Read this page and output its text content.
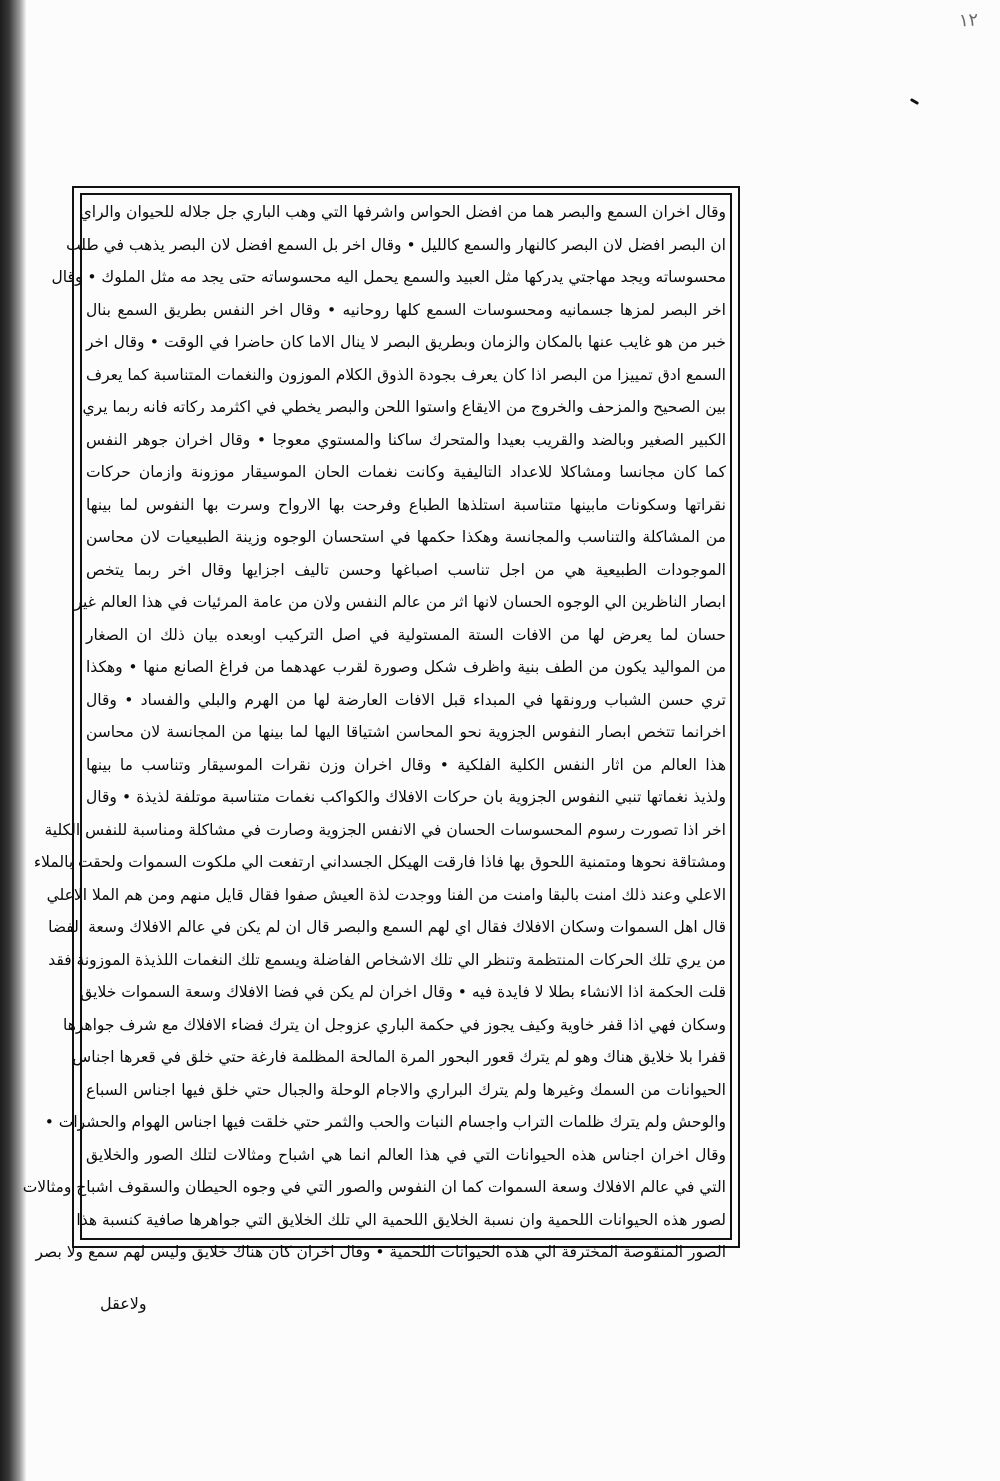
۱۲
وقال اخران السمع والبصر هما من افضل الحواس واشرفها التي وهب الباري جل جلاله للحيوان والراي
ان البصر افضل لان البصر كالنهار والسمع كالليل • وقال اخر بل السمع افضل لان البصر يذهب في طلب
محسوساته ويجد مهاجتي يدركها مثل العبيد والسمع يحمل اليه محسوساته حتى يجد مه مثل الملوك • وقال
اخر البصر لمزها جسمانيه ومحسوسات السمع كلها روحانيه • وقال اخر النفس بطريق السمع بنال
خبر من هو غايب عنها بالمكان والزمان وبطريق البصر لا ينال الاما كان حاضرا في الوقت • وقال اخر
السمع ادق تمييزا من البصر اذا كان يعرف بجودة الذوق الكلام الموزون والنغمات المتناسبة كما يعرف
بين الصحيح والمزحف والخروج من الايقاع واستوا اللحن والبصر يخطي في اكثرمد ركاته فانه ربما يري
الكبير الصغير وبالضد والقريب بعيدا والمتحرك ساكنا والمستوي معوجا • وقال اخران جوهر النفس
كما كان مجانسا ومشاكلا للاعداد التاليفية وكانت نغمات الحان الموسيقار موزونة وازمان حركات
نقراتها وسكونات مابينها متناسبة استلذها الطباع وفرحت بها الارواح وسرت بها النفوس لما بينها
من المشاكلة والتناسب والمجانسة وهكذا حكمها في استحسان الوجوه وزينة الطبيعيات لان محاسن
الموجودات الطبيعية هي من اجل تناسب اصباغها وحسن تاليف اجزايها وقال اخر ربما يتخص
ابصار الناظرين الي الوجوه الحسان لانها اثر من عالم النفس ولان من عامة المرئيات في هذا العالم غير
حسان لما يعرض لها من الافات الستة المستولية في اصل التركيب اوبعده بيان ذلك ان الصغار
من المواليد يكون من الطف بنية واظرف شكل وصورة لقرب عهدهما من فراغ الصانع منها • وهكذا
تري حسن الشباب ورونقها في المبداء قبل الافات العارضة لها من الهرم والبلي والفساد • وقال
اخرانما تتخص ابصار النفوس الجزوية نحو المحاسن اشتياقا اليها لما بينها من المجانسة لان محاسن
هذا العالم من اثار النفس الكلية الفلكية • وقال اخران وزن نقرات الموسيقار وتناسب ما بينها
ولذيذ نغماتها تنبي النفوس الجزوية بان حركات الافلاك والكواكب نغمات متناسبة موتلفة لذيذة • وقال
اخر اذا تصورت رسوم المحسوسات الحسان في الانفس الجزوية وصارت في مشاكلة ومناسبة للنفس الكلية
ومشتاقة نحوها ومتمنية اللحوق بها فاذا فارقت الهيكل الجسداني ارتفعت الي ملكوت السموات ولحقت بالملاء
الاعلي وعند ذلك امنت بالبقا وامنت من الفنا ووجدت لذة العيش صفوا فقال قايل منهم ومن هم الملا الاعلي
قال اهل السموات وسكان الافلاك فقال اي لهم السمع والبصر قال ان لم يكن في عالم الافلاك وسعة الفضا
من يري تلك الحركات المنتظمة وتنظر الي تلك الاشخاص الفاضلة ويسمع تلك النغمات اللذيذة الموزونة فقد
قلت الحكمة اذا الانشاء بطلا لا فايدة فيه • وقال اخران لم يكن في فضا الافلاك وسعة السموات خلايق
وسكان فهي اذا قفر خاوية وكيف يجوز في حكمة الباري عزوجل ان يترك فضاء الافلاك مع شرف جواهرها
قفرا بلا خلايق هناك وهو لم يترك قعور البحور المرة المالحة المظلمة فارغة حتي خلق في قعرها اجناس
الحيوانات من السمك وغيرها ولم يترك البراري والاجام الوحلة والجبال حتي خلق فيها اجناس السباع
والوحش ولم يترك ظلمات التراب واجسام النبات والحب والثمر حتي خلقت فيها اجناس الهوام والحشرات •
وقال اخران اجناس هذه الحيوانات التي في هذا العالم انما هي اشباح ومثالات لتلك الصور والخلايق
التي في عالم الافلاك وسعة السموات كما ان النفوس والصور التي في وجوه الحيطان والسقوف اشباح ومثالات
لصور هذه الحيوانات اللحمية وان نسبة الخلايق اللحمية الي تلك الخلايق التي جواهرها صافية كنسبة هذا
الصور المنقوصة المخترقة الي هذه الحيوانات اللحمية • وقال اخران كان هناك خلايق وليس لهم سمع ولا بصر
ولاعقل
